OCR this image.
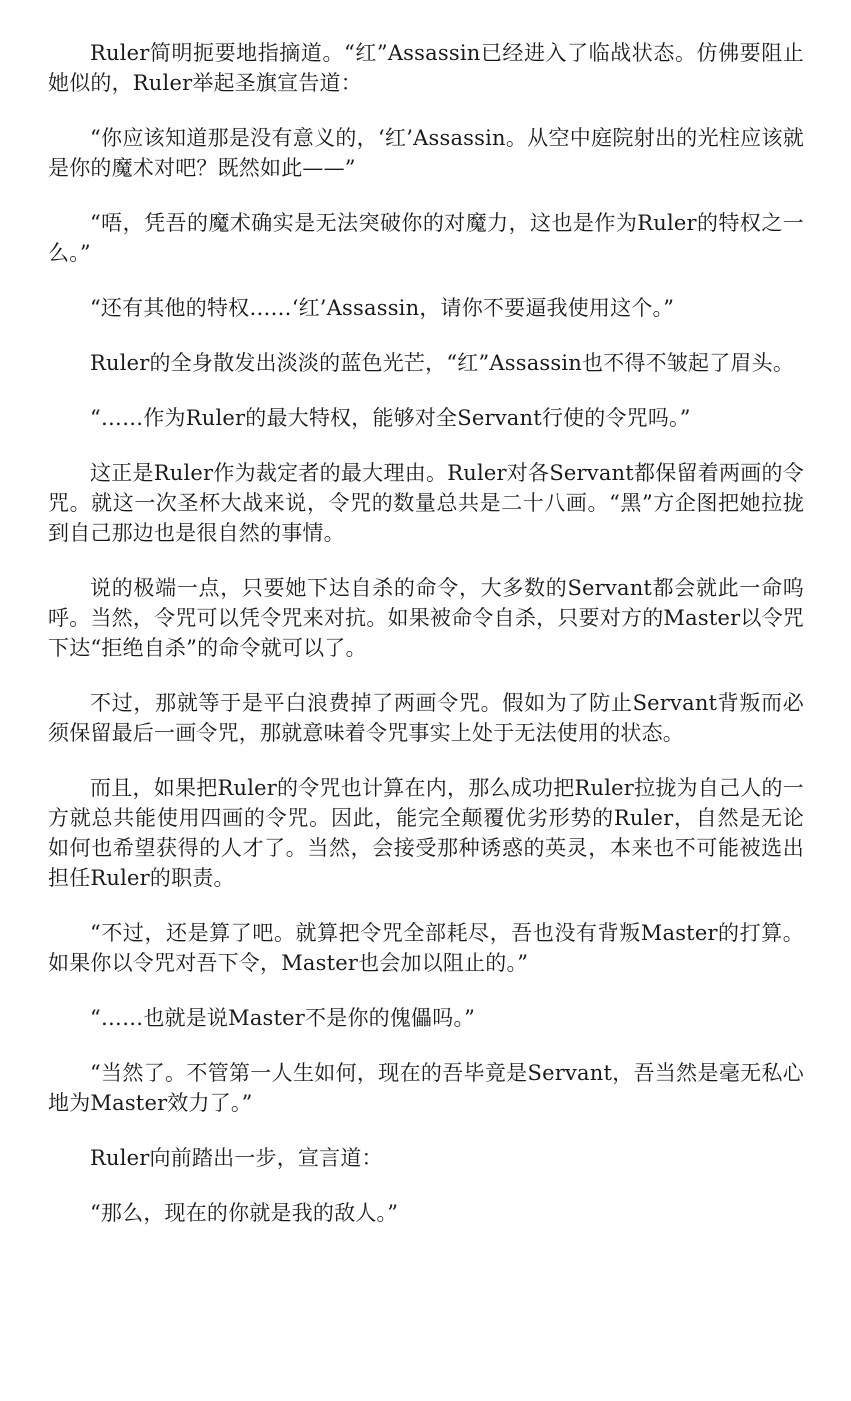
Ruler简明扼要地指摘道。“红”Assassin已经进入了临战状态。仿佛要阻止她似的，Ruler举起圣旗宣告道：

“你应该知道那是没有意义的，‘红’Assassin。从空中庭院射出的光柱应该就是你的魔术对吧？既然如此——”

“唔，凭吾的魔术确实是无法突破你的对魔力，这也是作为Ruler的特权之一么。”

“还有其他的特权……‘红’Assassin，请你不要逼我使用这个。”

Ruler的全身散发出淡淡的蓝色光芒，“红”Assassin也不得不皱起了眉头。

“……作为Ruler的最大特权，能够对全Servant行使的令咒吗。”

这正是Ruler作为裁定者的最大理由。Ruler对各Servant都保留着两画的令咒。就这一次圣杯大战来说，令咒的数量总共是二十八画。“黑”方企图把她拉拢到自己那边也是很自然的事情。

说的极端一点，只要她下达自杀的命令，大多数的Servant都会就此一命呜呼。当然，令咒可以凭令咒来对抗。如果被命令自杀，只要对方的Master以令咒下达“拒绝自杀”的命令就可以了。

不过，那就等于是平白浪费掉了两画令咒。假如为了防止Servant背叛而必须保留最后一画令咒，那就意味着令咒事实上处于无法使用的状态。

而且，如果把Ruler的令咒也计算在内，那么成功把Ruler拉拢为自己人的一方就总共能使用四画的令咒。因此，能完全颠覆优劣形势的Ruler，自然是无论如何也希望获得的人才了。当然，会接受那种诱惑的英灵，本来也不可能被选出担任Ruler的职责。

“不过，还是算了吧。就算把令咒全部耗尽，吾也没有背叛Master的打算。如果你以令咒对吾下令，Master也会加以阻止的。”

“……也就是说Master不是你的傀儡吗。”

“当然了。不管第一人生如何，现在的吾毕竟是Servant，吾当然是毫无私心地为Master效力了。”

Ruler向前踏出一步，宣言道：

“那么，现在的你就是我的敌人。”
